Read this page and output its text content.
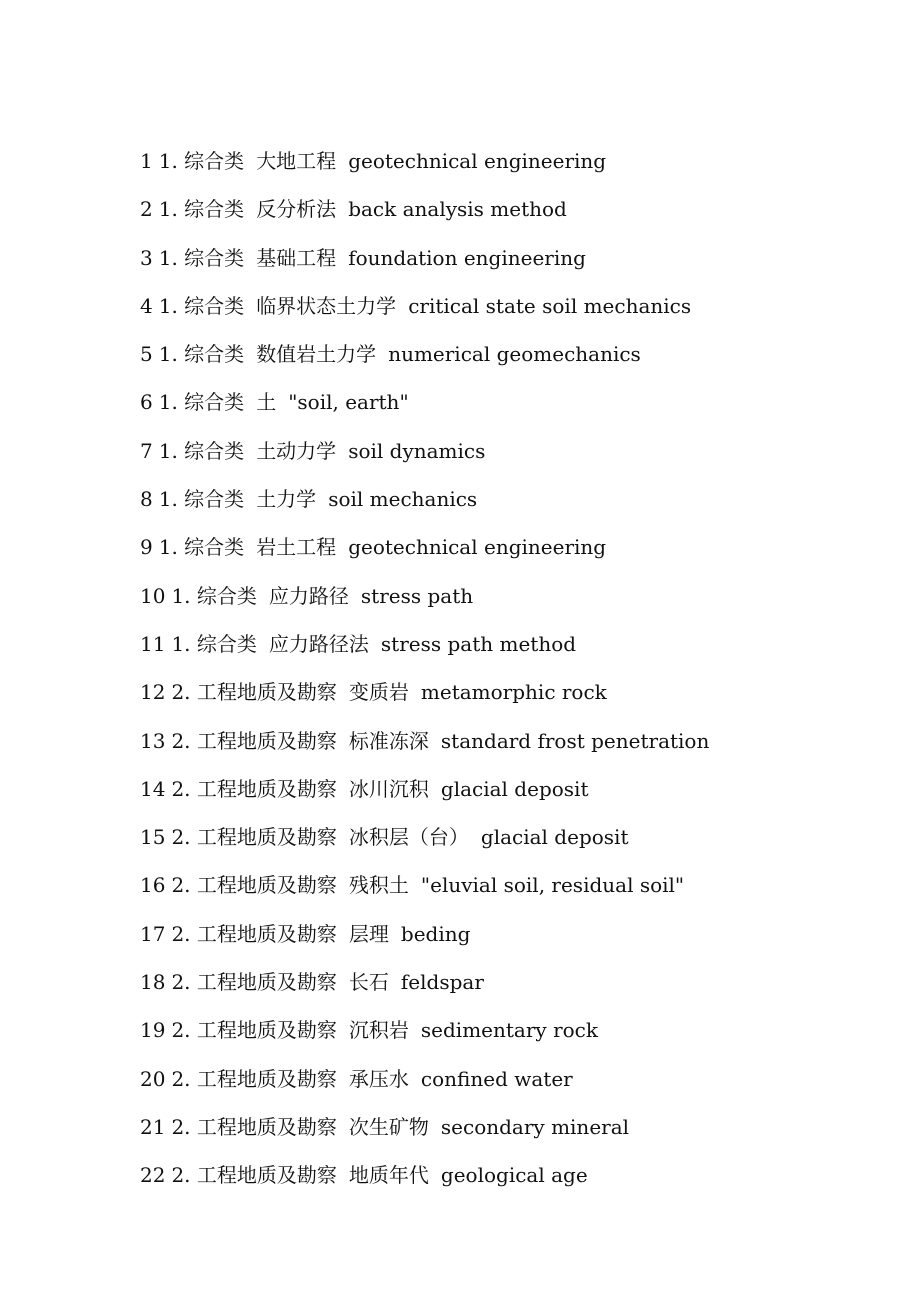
1 1. 综合类 大地工程 geotechnical engineering
2 1. 综合类 反分析法 back analysis method
3 1. 综合类 基础工程 foundation engineering
4 1. 综合类 临界状态土力学 critical state soil mechanics
5 1. 综合类 数值岩土力学 numerical geomechanics
6 1. 综合类 土 "soil, earth"
7 1. 综合类 土动力学 soil dynamics
8 1. 综合类 土力学 soil mechanics
9 1. 综合类 岩土工程 geotechnical engineering
10 1. 综合类 应力路径 stress path
11 1. 综合类 应力路径法 stress path method
12 2. 工程地质及勘察 变质岩 metamorphic rock
13 2. 工程地质及勘察 标准冻深 standard frost penetration
14 2. 工程地质及勘察 冰川沉积 glacial deposit
15 2. 工程地质及勘察 冰积层（台） glacial deposit
16 2. 工程地质及勘察 残积土 "eluvial soil, residual soil"
17 2. 工程地质及勘察 层理 beding
18 2. 工程地质及勘察 长石 feldspar
19 2. 工程地质及勘察 沉积岩 sedimentary rock
20 2. 工程地质及勘察 承压水 confined water
21 2. 工程地质及勘察 次生矿物 secondary mineral
22 2. 工程地质及勘察 地质年代 geological age
